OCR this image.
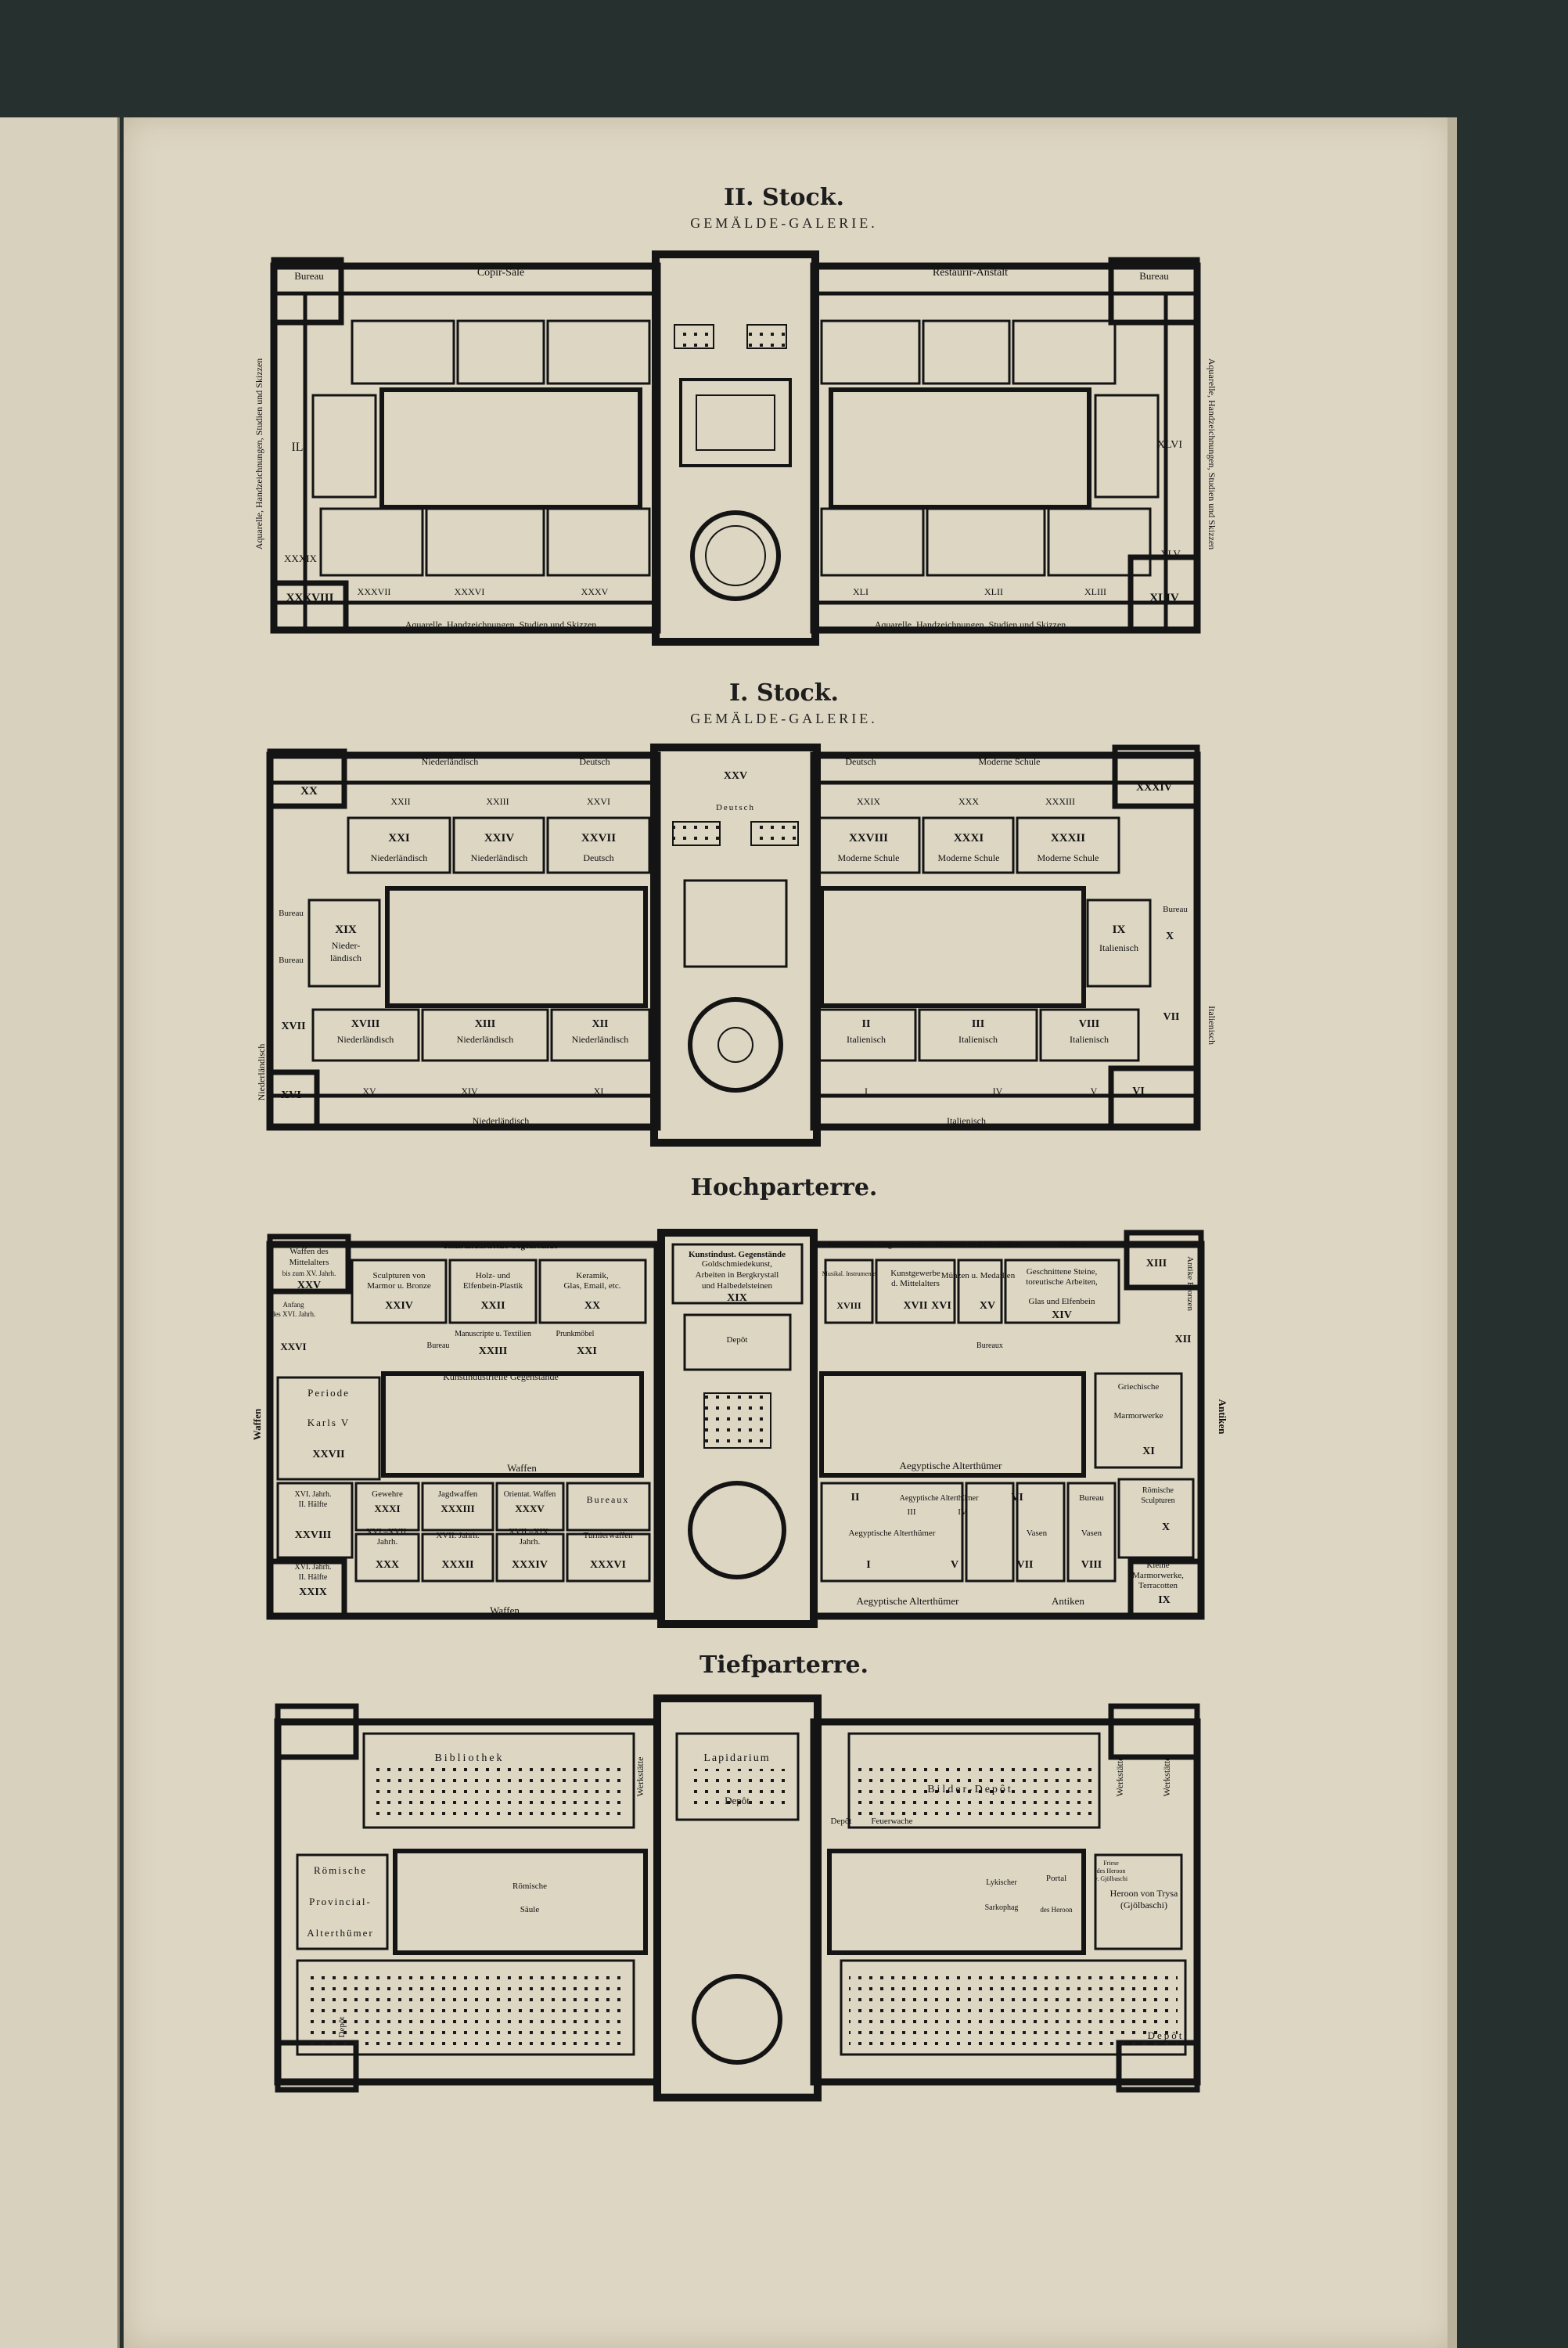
II. Stock.
GEMÄLDE-GALERIE.
I. Stock.
GEMÄLDE-GALERIE.
Hochparterre.
Tiefparterre.
Bureau	Bureau
Copir-Säle	Restaurir-Anstalt
IL	XLVI
XXXIX	XLV
XXXVIII	XXXVII	XXXVI	XXXV	XLI	XLII	XLIII	XLIV
Aquarelle, Handzeichnungen, Studien und Skizzen	Aquarelle, Handzeichnungen, Studien und Skizzen
Aquarelle, Handzeichnungen, Studien und Skizzen	Aquarelle, Handzeichnungen, Studien und Skizzen
Niederländisch	Deutsch	Deutsch	Moderne Schule
XX
XXII	XXIII	XXVI
XXV
Deutsch
XXIX	XXX	XXXIII
XXXIV
XXI	XXIV	XXVII	XXVIII	XXXI	XXXII
Niederländisch	Niederländisch	Deutsch	Moderne Schule	Moderne Schule	Moderne Schule
Bureau
Bureau
Bureau
XIX
Nieder-
ländisch
IX
Italienisch
X
XVII	XVIII	XIII	XII
Niederländisch	Niederländisch	Niederländisch
II	III	VIII
Italienisch	Italienisch	Italienisch
VII	Italienisch
Niederländisch XVI	XV	XIV	XI	I	IV	V	VI
Niederländisch	Italienisch
Kunstindustrielle Gegenstände
Kunstindust. Gegenstände
Kunstindust. Gegenstände Münzen und Medaillen	Antiken
Waffen des
Mittelalters
bis zum XV. Jahrh.
XXV
Sculpturen von
Marmor u. Bronze
XXIV
Holz- und
Elfenbein-Plastik
XXII
Keramik,
Glas, Email, etc.
XX
Goldschmiedekunst,
Arbeiten in Bergkrystall
und Halbedelsteinen
XIX
Depôt
Musikal. Instrumente
XVIII
Kunstgewerbe
d. Mittelalters
XVII
Münzen u. Medaillen
XVI	XV
Geschnittene Steine,
toreutische Arbeiten,
Glas und Elfenbein
XIV
XIII Antike Bronzen
XII
Anfang
des XVI. Jahrh.
XXVI
Manuscripte u. Textilien	Prunkmöbel
XXIII	XXI
Bureau	Bureaux
Kunstindustrielle Gegenstände
Periode
Karls V
XXVII
Waffen
Griechische
Marmorwerke
XI
Antiken
Waffen	Aegyptische Alterthümer
XVI. Jahrh.
II. Hälfte
Gewehre
XXXI
Jagdwaffen
XXXIII
Orientat. Waffen
XXXV
Bureaux	II	Aegyptische Alterthümer
III	IV
VI	Bureau
Römische
Sculpturen
X
XXVIII	XVI.–XVII.
Jahrh.
XVII. Jahrh.	XVII.–XIX.
Jahrh.
Turnierwaffen	Aegyptische Alterthümer	Vasen	Vasen
XVI. Jahrh.
II. Hälfte
XXIX
XXX	XXXII	XXXIV	XXXVI	I	V	VII	VIII	Kleine
Marmorwerke,
Terracotten
IX
Waffen
Aegyptische Alterthümer	Antiken
Bibliothek	Werkstätte	Lapidarium
Depôt
Bilder-Depôt
Depôt Feuerwache
Werkstätte	Werkstätte
Römische
Provincial-
Alterthümer
Römische
Säule
Lykischer
Sarkophag
Portal
des Heroon
Heroon von Trysa
(Gjölbaschi)
Friese
des Heroon
v. Gjölbaschi
Depôt	Depôt
